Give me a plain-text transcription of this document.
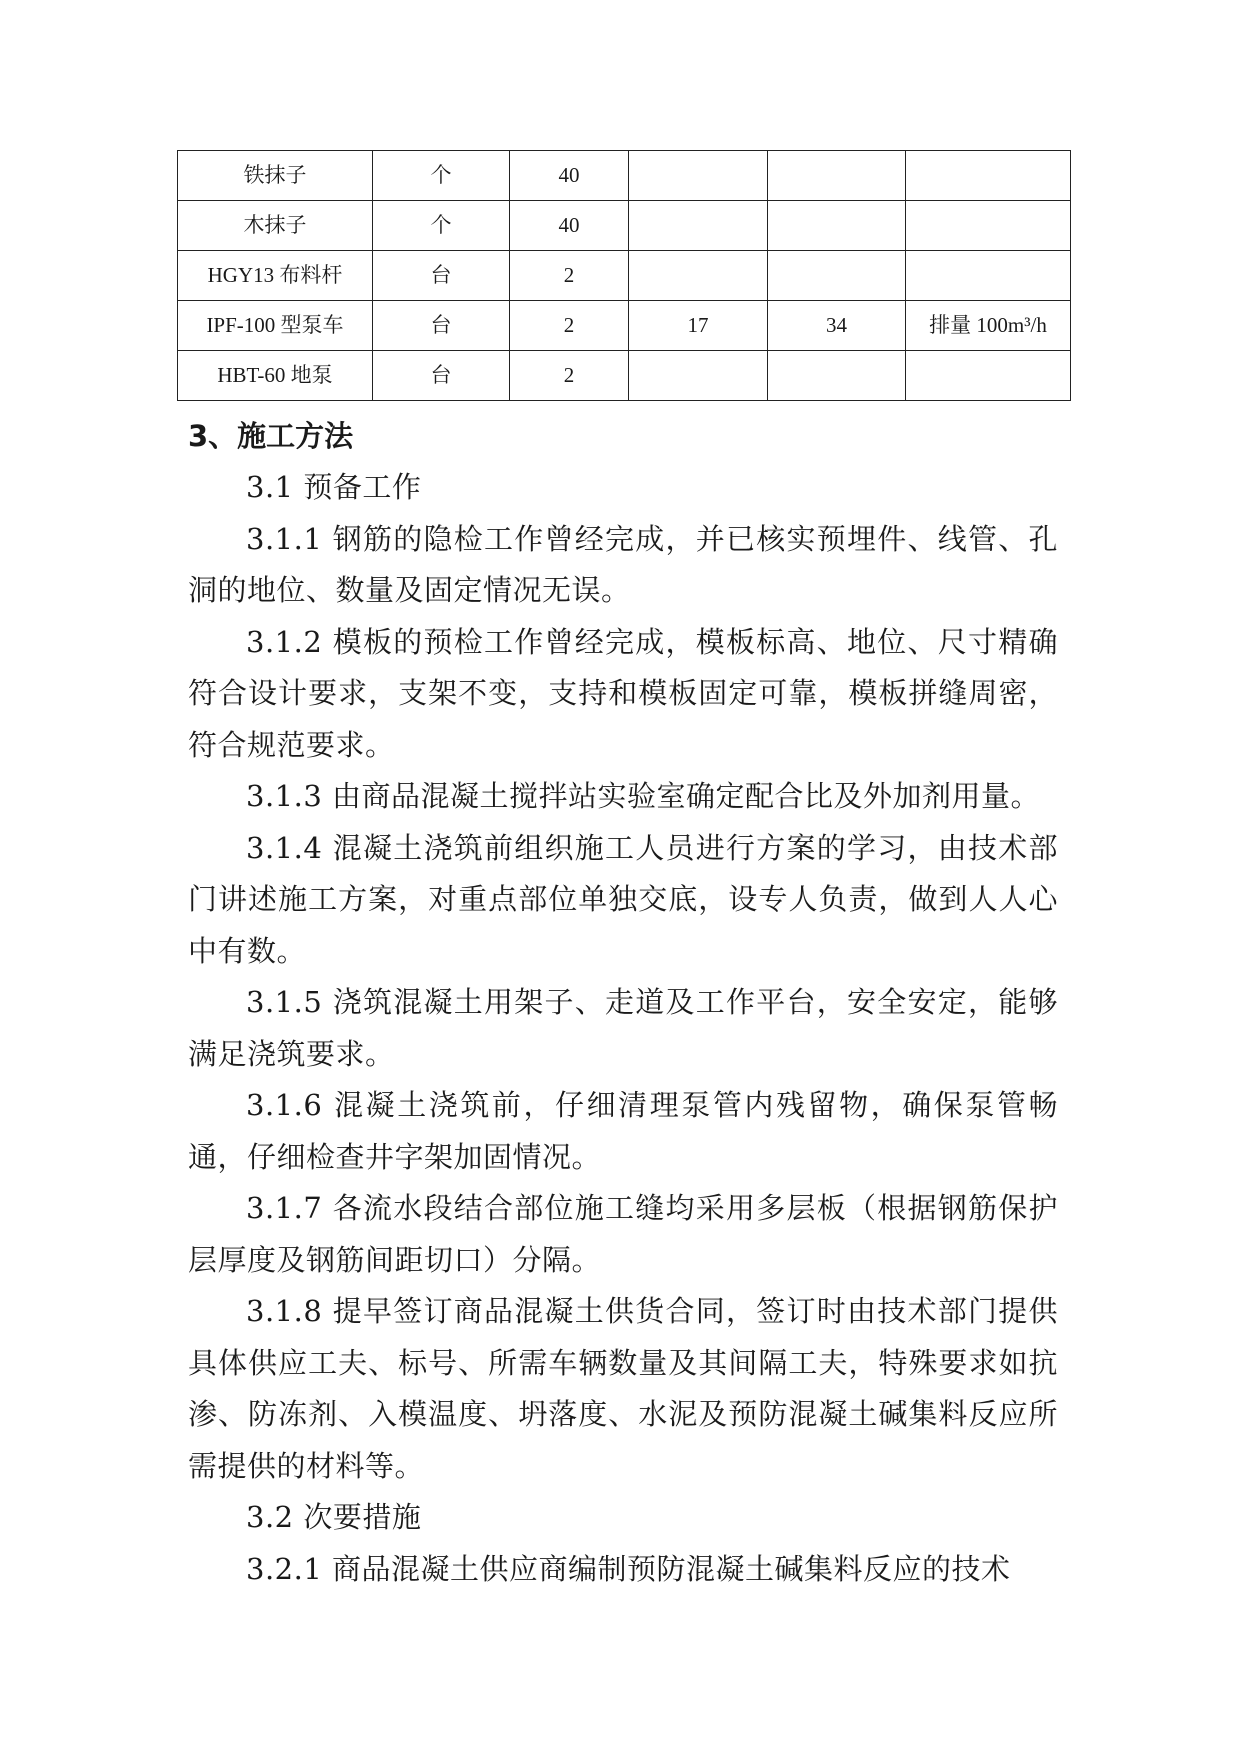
铁抹子	个	40			
木抹子	个	40			
HGY13 布料杆	台	2			
IPF-100 型泵车	台	2	17	34	排量 100m³/h
HBT-60 地泵	台	2			
3、施工方法

3.1 预备工作

3.1.1 钢筋的隐检工作曾经完成，并已核实预埋件、线管、孔洞的地位、数量及固定情况无误。

3.1.2 模板的预检工作曾经完成，模板标高、地位、尺寸精确符合设计要求，支架不变，支持和模板固定可靠，模板拼缝周密，符合规范要求。

3.1.3 由商品混凝土搅拌站实验室确定配合比及外加剂用量。

3.1.4 混凝土浇筑前组织施工人员进行方案的学习，由技术部门讲述施工方案，对重点部位单独交底，设专人负责，做到人人心中有数。

3.1.5 浇筑混凝土用架子、走道及工作平台，安全安定，能够满足浇筑要求。

3.1.6 混凝土浇筑前，仔细清理泵管内残留物，确保泵管畅通，仔细检查井字架加固情况。

3.1.7 各流水段结合部位施工缝均采用多层板（根据钢筋保护层厚度及钢筋间距切口）分隔。

3.1.8 提早签订商品混凝土供货合同，签订时由技术部门提供具体供应工夫、标号、所需车辆数量及其间隔工夫，特殊要求如抗渗、防冻剂、入模温度、坍落度、水泥及预防混凝土碱集料反应所需提供的材料等。

3.2 次要措施

3.2.1 商品混凝土供应商编制预防混凝土碱集料反应的技术
